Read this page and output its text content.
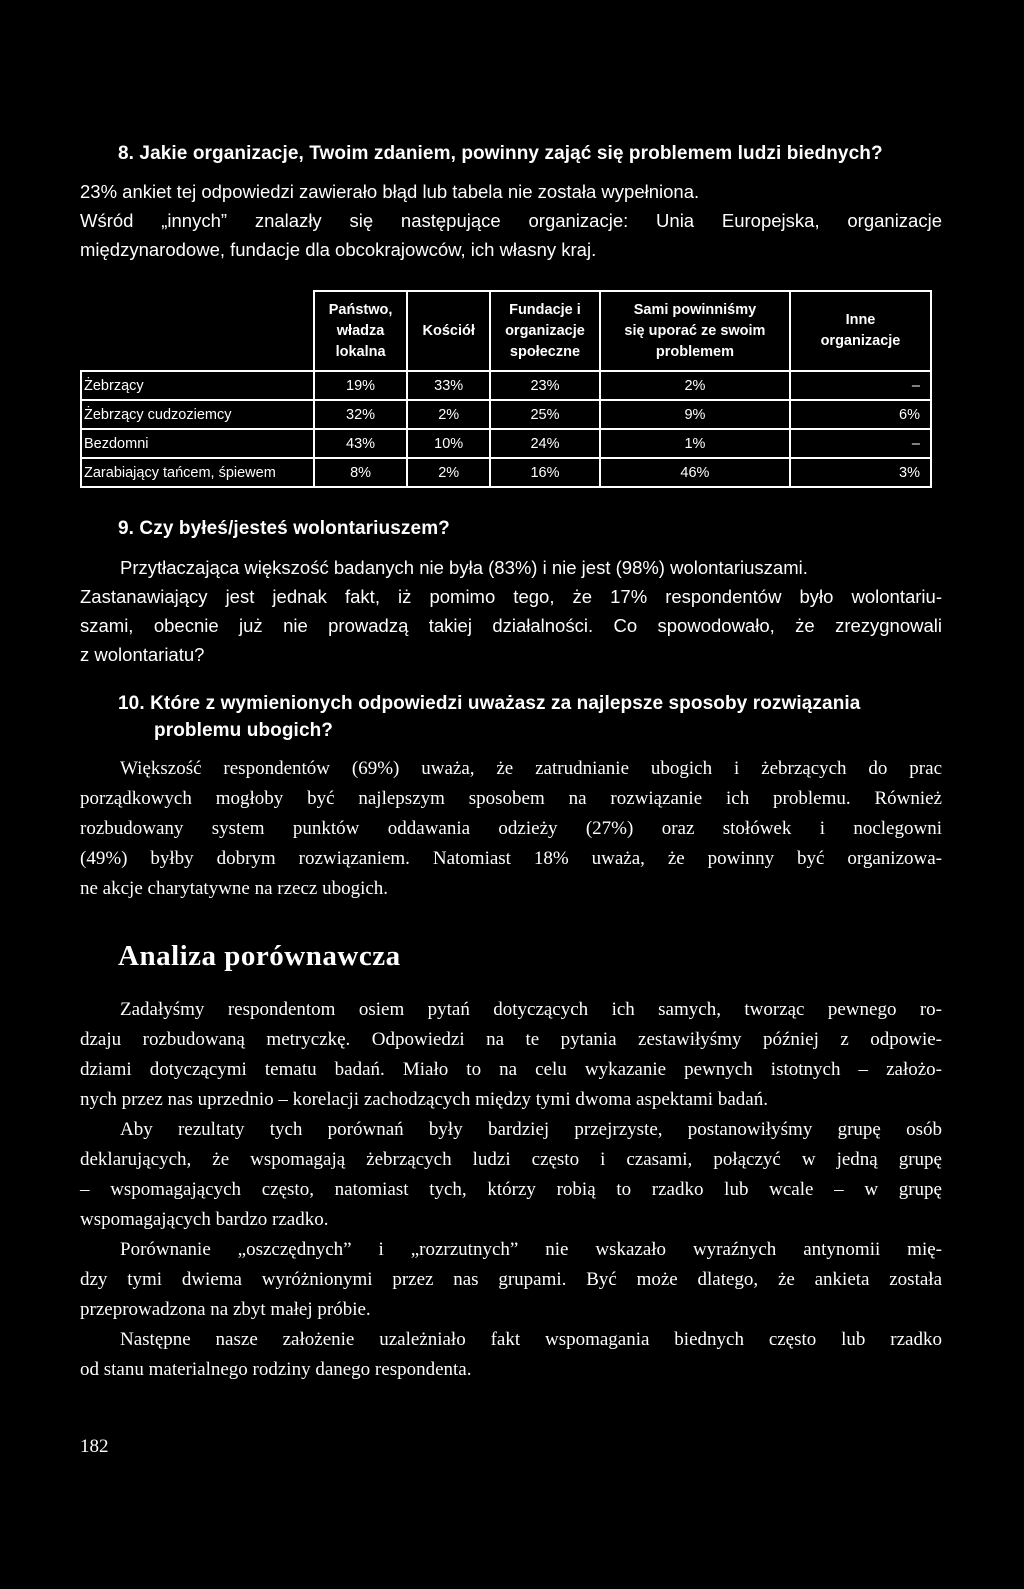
8. Jakie organizacje, Twoim zdaniem, powinny zająć się problemem ludzi biednych?
23% ankiet tej odpowiedzi zawierało błąd lub tabela nie została wypełniona.
Wśród „innych” znalazły się następujące organizacje: Unia Europejska, organizacje
międzynarodowe, fundacje dla obcokrajowców, ich własny kraj.
	Państwo, władza lokalna	Kościół	Fundacje i organizacje społeczne	Sami powinniśmy się uporać ze swoim problemem	Inne organizacje
Żebrzący	19%	33%	23%	2%	–
Żebrzący cudzoziemcy	32%	2%	25%	9%	6%
Bezdomni	43%	10%	24%	1%	–
Zarabiający tańcem, śpiewem	8%	2%	16%	46%	3%
9. Czy byłeś/jesteś wolontariuszem?
Przytłaczająca większość badanych nie była (83%) i nie jest (98%) wolontariuszami.
Zastanawiający jest jednak fakt, iż pomimo tego, że 17% respondentów było wolontariu-
szami, obecnie już nie prowadzą takiej działalności. Co spowodowało, że zrezygnowali
z wolontariatu?
10. Które z wymienionych odpowiedzi uważasz za najlepsze sposoby rozwiązania
problemu ubogich?
Większość respondentów (69%) uważa, że zatrudnianie ubogich i żebrzących do prac
porządkowych mogłoby być najlepszym sposobem na rozwiązanie ich problemu. Również
rozbudowany system punktów oddawania odzieży (27%) oraz stołówek i noclegowni
(49%) byłby dobrym rozwiązaniem. Natomiast 18% uważa, że powinny być organizowa-
ne akcje charytatywne na rzecz ubogich.
Analiza porównawcza
Zadałyśmy respondentom osiem pytań dotyczących ich samych, tworząc pewnego ro-
dzaju rozbudowaną metryczkę. Odpowiedzi na te pytania zestawiłyśmy później z odpowie-
dziami dotyczącymi tematu badań. Miało to na celu wykazanie pewnych istotnych – założo-
nych przez nas uprzednio – korelacji zachodzących między tymi dwoma aspektami badań.
Aby rezultaty tych porównań były bardziej przejrzyste, postanowiłyśmy grupę osób
deklarujących, że wspomagają żebrzących ludzi często i czasami, połączyć w jedną grupę
– wspomagających często, natomiast tych, którzy robią to rzadko lub wcale – w grupę
wspomagających bardzo rzadko.
Porównanie „oszczędnych” i „rozrzutnych” nie wskazało wyraźnych antynomii mię-
dzy tymi dwiema wyróżnionymi przez nas grupami. Być może dlatego, że ankieta została
przeprowadzona na zbyt małej próbie.
Następne nasze założenie uzależniało fakt wspomagania biednych często lub rzadko
od stanu materialnego rodziny danego respondenta.
182
